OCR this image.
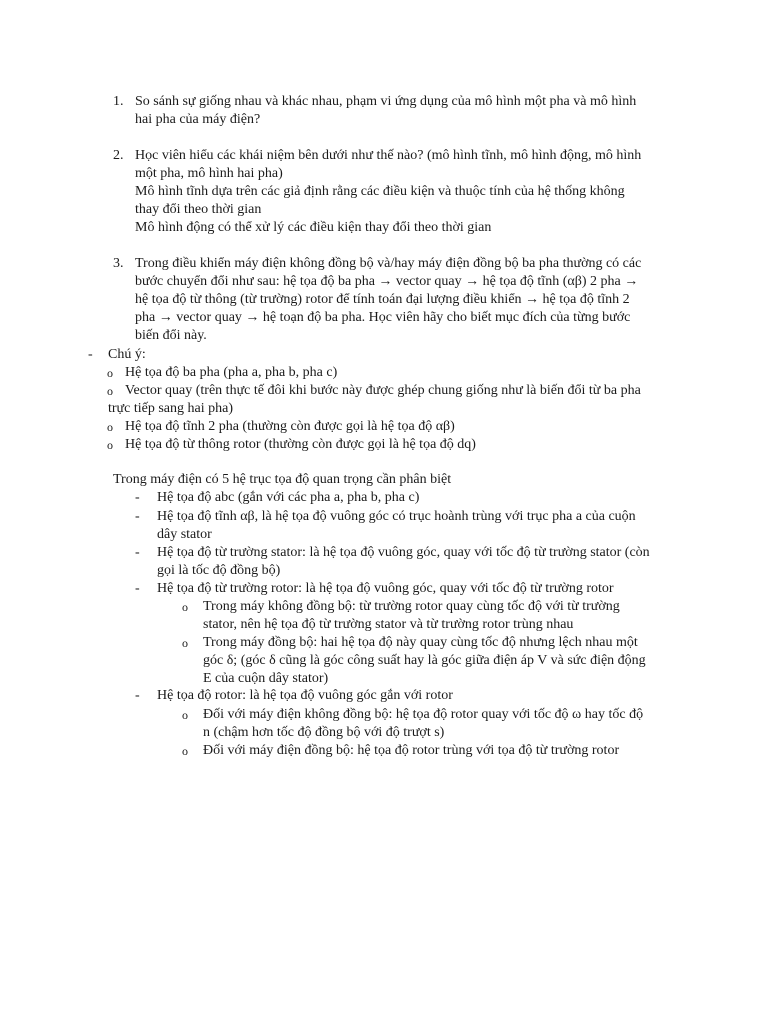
1. So sánh sự giống nhau và khác nhau, phạm vi ứng dụng của mô hình một pha và mô hình
hai pha của máy điện?

2. Học viên hiểu các khái niệm bên dưới như thế nào? (mô hình tĩnh, mô hình động, mô hình
một pha, mô hình hai pha)
Mô hình tĩnh dựa trên các giả định rằng các điều kiện và thuộc tính của hệ thống không
thay đổi theo thời gian
Mô hình động có thể xử lý các điều kiện thay đổi theo thời gian

3. Trong điều khiển máy điện không đồng bộ và/hay máy điện đồng bộ ba pha thường có các
bước chuyển đổi như sau: hệ tọa độ ba pha → vector quay → hệ tọa độ tĩnh (αβ) 2 pha →
hệ tọa độ từ thông (từ trường) rotor để tính toán đại lượng điều khiển → hệ tọa độ tĩnh 2
pha → vector quay → hệ toạn độ ba pha. Học viên hãy cho biết mục đích của từng bước
biến đổi này.

- Chú ý:
o Hệ tọa độ ba pha (pha a, pha b, pha c)
o Vector quay (trên thực tế đôi khi bước này được ghép chung giống như là biến đổi từ ba pha
trực tiếp sang hai pha)

o Hệ tọa độ tĩnh 2 pha (thường còn được gọi là hệ tọa độ αβ)
o Hệ tọa độ từ thông rotor (thường còn được gọi là hệ tọa độ dq)
Trong máy điện có 5 hệ trục tọa độ quan trọng cần phân biệt
- Hệ tọa độ abc (gắn với các pha a, pha b, pha c)
- Hệ tọa độ tĩnh αβ, là hệ tọa độ vuông góc có trục hoành trùng với trục pha a của cuộn
dây stator

- Hệ tọa độ từ trường stator: là hệ tọa độ vuông góc, quay với tốc độ từ trường stator (còn
gọi là tốc độ đồng bộ)

- Hệ tọa độ từ trường rotor: là hệ tọa độ vuông góc, quay với tốc độ từ trường rotor
o Trong máy không đồng bộ: từ trường rotor quay cùng tốc độ với từ trường
stator, nên hệ tọa độ từ trường stator và từ trường rotor trùng nhau

o Trong máy đồng bộ: hai hệ tọa độ này quay cùng tốc độ nhưng lệch nhau một
góc δ; (góc δ cũng là góc công suất hay là góc giữa điện áp V và sức điện động
E của cuộn dây stator)

- Hệ tọa độ rotor: là hệ tọa độ vuông góc gắn với rotor
o Đối với máy điện không đồng bộ: hệ tọa độ rotor quay với tốc độ ω hay tốc độ
n (chậm hơn tốc độ đồng bộ với độ trượt s)

o Đối với máy điện đồng bộ: hệ tọa độ rotor trùng với tọa độ từ trường rotor
